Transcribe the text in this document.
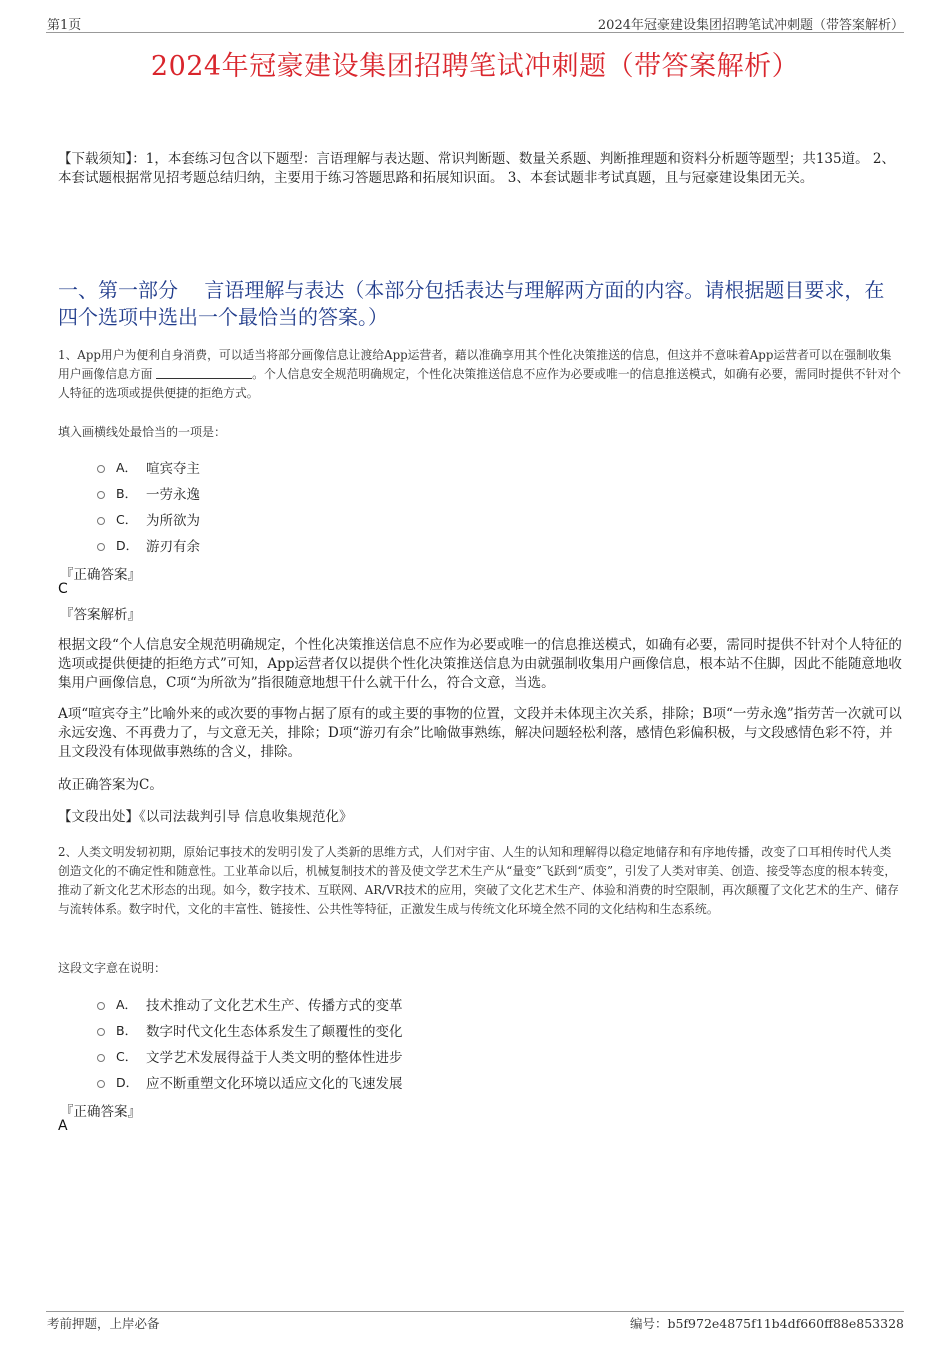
第1页	2024年冠豪建设集团招聘笔试冲刺题（带答案解析）
2024年冠豪建设集团招聘笔试冲刺题（带答案解析）
【下载须知】：1，本套练习包含以下题型：言语理解与表达题、常识判断题、数量关系题、判断推理题和资料分析题等题型；共135道。 2、本套试题根据常见招考题总结归纳，主要用于练习答题思路和拓展知识面。 3、本套试题非考试真题，且与冠豪建设集团无关。
一、第一部分　 言语理解与表达（本部分包括表达与理解两方面的内容。请根据题目要求，在四个选项中选出一个最恰当的答案。）
1、App用户为便利自身消费，可以适当将部分画像信息让渡给App运营者，藉以准确享用其个性化决策推送的信息，但这并不意味着App运营者可以在强制收集用户画像信息方面	。个人信息安全规范明确规定，个性化决策推送信息不应作为必要或唯一的信息推送模式，如确有必要，需同时提供不针对个人特征的选项或提供便捷的拒绝方式。
填入画横线处最恰当的一项是：
A． 喧宾夺主
B． 一劳永逸
C． 为所欲为
D． 游刃有余
『正确答案』
C
『答案解析』
根据文段“个人信息安全规范明确规定，个性化决策推送信息不应作为必要或唯一的信息推送模式，如确有必要，需同时提供不针对个人特征的选项或提供便捷的拒绝方式”可知，App运营者仅以提供个性化决策推送信息为由就强制收集用户画像信息，根本站不住脚，因此不能随意地收集用户画像信息，C项“为所欲为”指很随意地想干什么就干什么，符合文意，当选。
A项“喧宾夺主”比喻外来的或次要的事物占据了原有的或主要的事物的位置，文段并未体现主次关系，排除；B项“一劳永逸”指劳苦一次就可以永远安逸、不再费力了，与文意无关，排除；D项“游刃有余”比喻做事熟练，解决问题轻松利落，感情色彩偏积极，与文段感情色彩不符，并且文段没有体现做事熟练的含义，排除。
故正确答案为C。
【文段出处】《以司法裁判引导 信息收集规范化》
2、人类文明发轫初期，原始记事技术的发明引发了人类新的思维方式，人们对宇宙、人生的认知和理解得以稳定地储存和有序地传播，改变了口耳相传时代人类创造文化的不确定性和随意性。工业革命以后，机械复制技术的普及使文学艺术生产从“量变”飞跃到“质变”，引发了人类对审美、创造、接受等态度的根本转变，推动了新文化艺术形态的出现。如今，数字技术、互联网、AR/VR技术的应用，突破了文化艺术生产、体验和消费的时空限制，再次颠覆了文化艺术的生产、储存与流转体系。数字时代，文化的丰富性、链接性、公共性等特征，正激发生成与传统文化环境全然不同的文化结构和生态系统。
这段文字意在说明：
A． 技术推动了文化艺术生产、传播方式的变革
B． 数字时代文化生态体系发生了颠覆性的变化
C． 文学艺术发展得益于人类文明的整体性进步
D． 应不断重塑文化环境以适应文化的飞速发展
『正确答案』
A
考前押题，上岸必备	编号：b5f972e4875f11b4df660ff88e853328
